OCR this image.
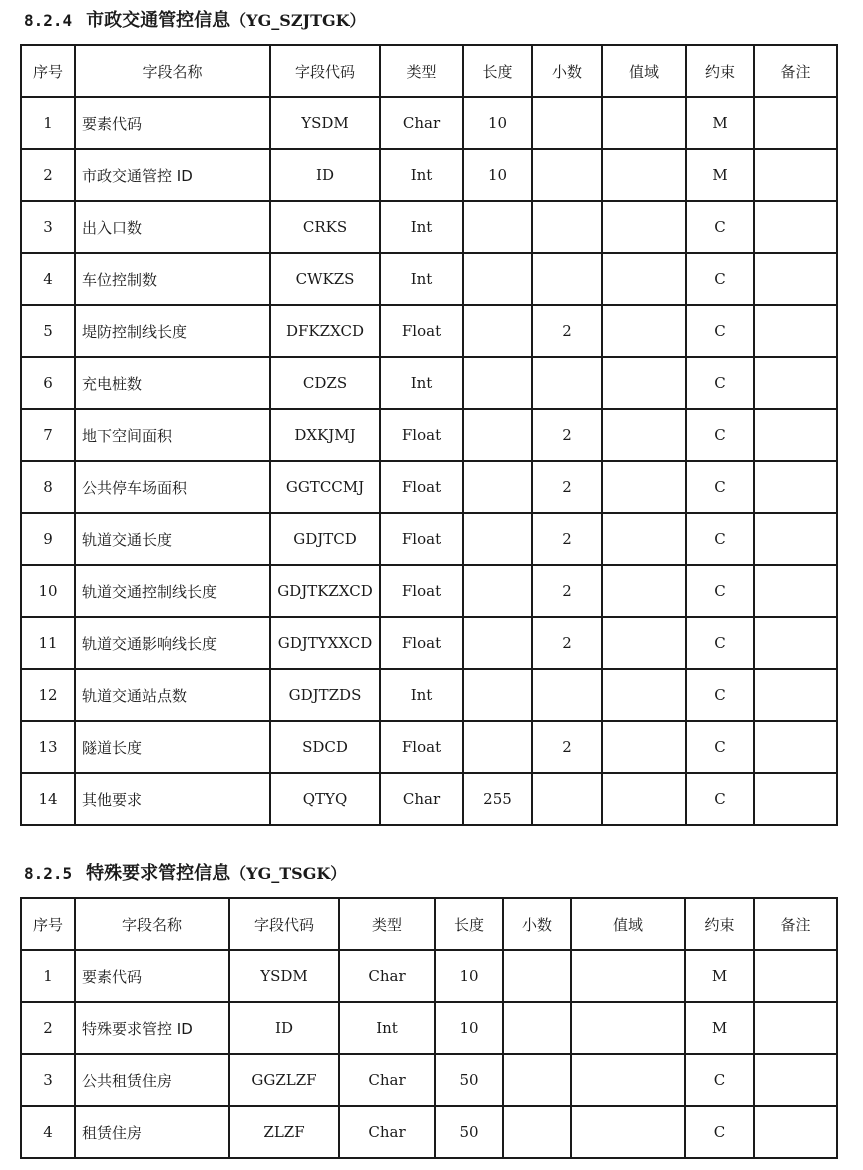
8.2.4 市政交通管控信息（YG_SZJTGK）
序号	字段名称	字段代码	类型	长度	小数	值域	约束	备注
1	要素代码	YSDM	Char	10			M	
2	市政交通管控 ID	ID	Int	10			M	
3	出入口数	CRKS	Int				C	
4	车位控制数	CWKZS	Int				C	
5	堤防控制线长度	DFKZXCD	Float		2		C	
6	充电桩数	CDZS	Int				C	
7	地下空间面积	DXKJMJ	Float		2		C	
8	公共停车场面积	GGTCCMJ	Float		2		C	
9	轨道交通长度	GDJTCD	Float		2		C	
10	轨道交通控制线长度	GDJTKZXCD	Float		2		C	
11	轨道交通影响线长度	GDJTYXXCD	Float		2		C	
12	轨道交通站点数	GDJTZDS	Int				C	
13	隧道长度	SDCD	Float		2		C	
14	其他要求	QTYQ	Char	255			C	
8.2.5 特殊要求管控信息（YG_TSGK）
序号	字段名称	字段代码	类型	长度	小数	值域	约束	备注
1	要素代码	YSDM	Char	10			M	
2	特殊要求管控 ID	ID	Int	10			M	
3	公共租赁住房	GGZLZF	Char	50			C	
4	租赁住房	ZLZF	Char	50			C	
